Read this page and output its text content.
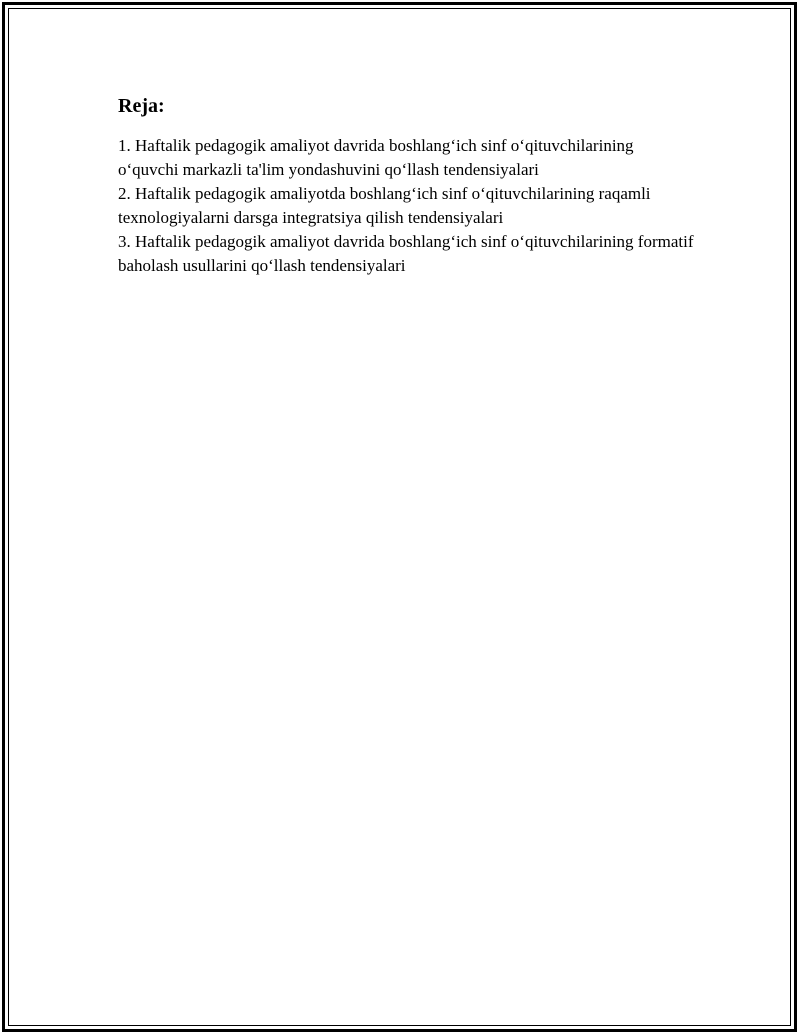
Reja:

1. Haftalik pedagogik amaliyot davrida boshlang‘ich sinf o‘qituvchilarining o‘quvchi markazli ta'lim yondashuvini qo‘llash tendensiyalari

2. Haftalik pedagogik amaliyotda boshlang‘ich sinf o‘qituvchilarining raqamli texnologiyalarni darsga integratsiya qilish tendensiyalari

3. Haftalik pedagogik amaliyot davrida boshlang‘ich sinf o‘qituvchilarining formatif baholash usullarini qo‘llash tendensiyalari
